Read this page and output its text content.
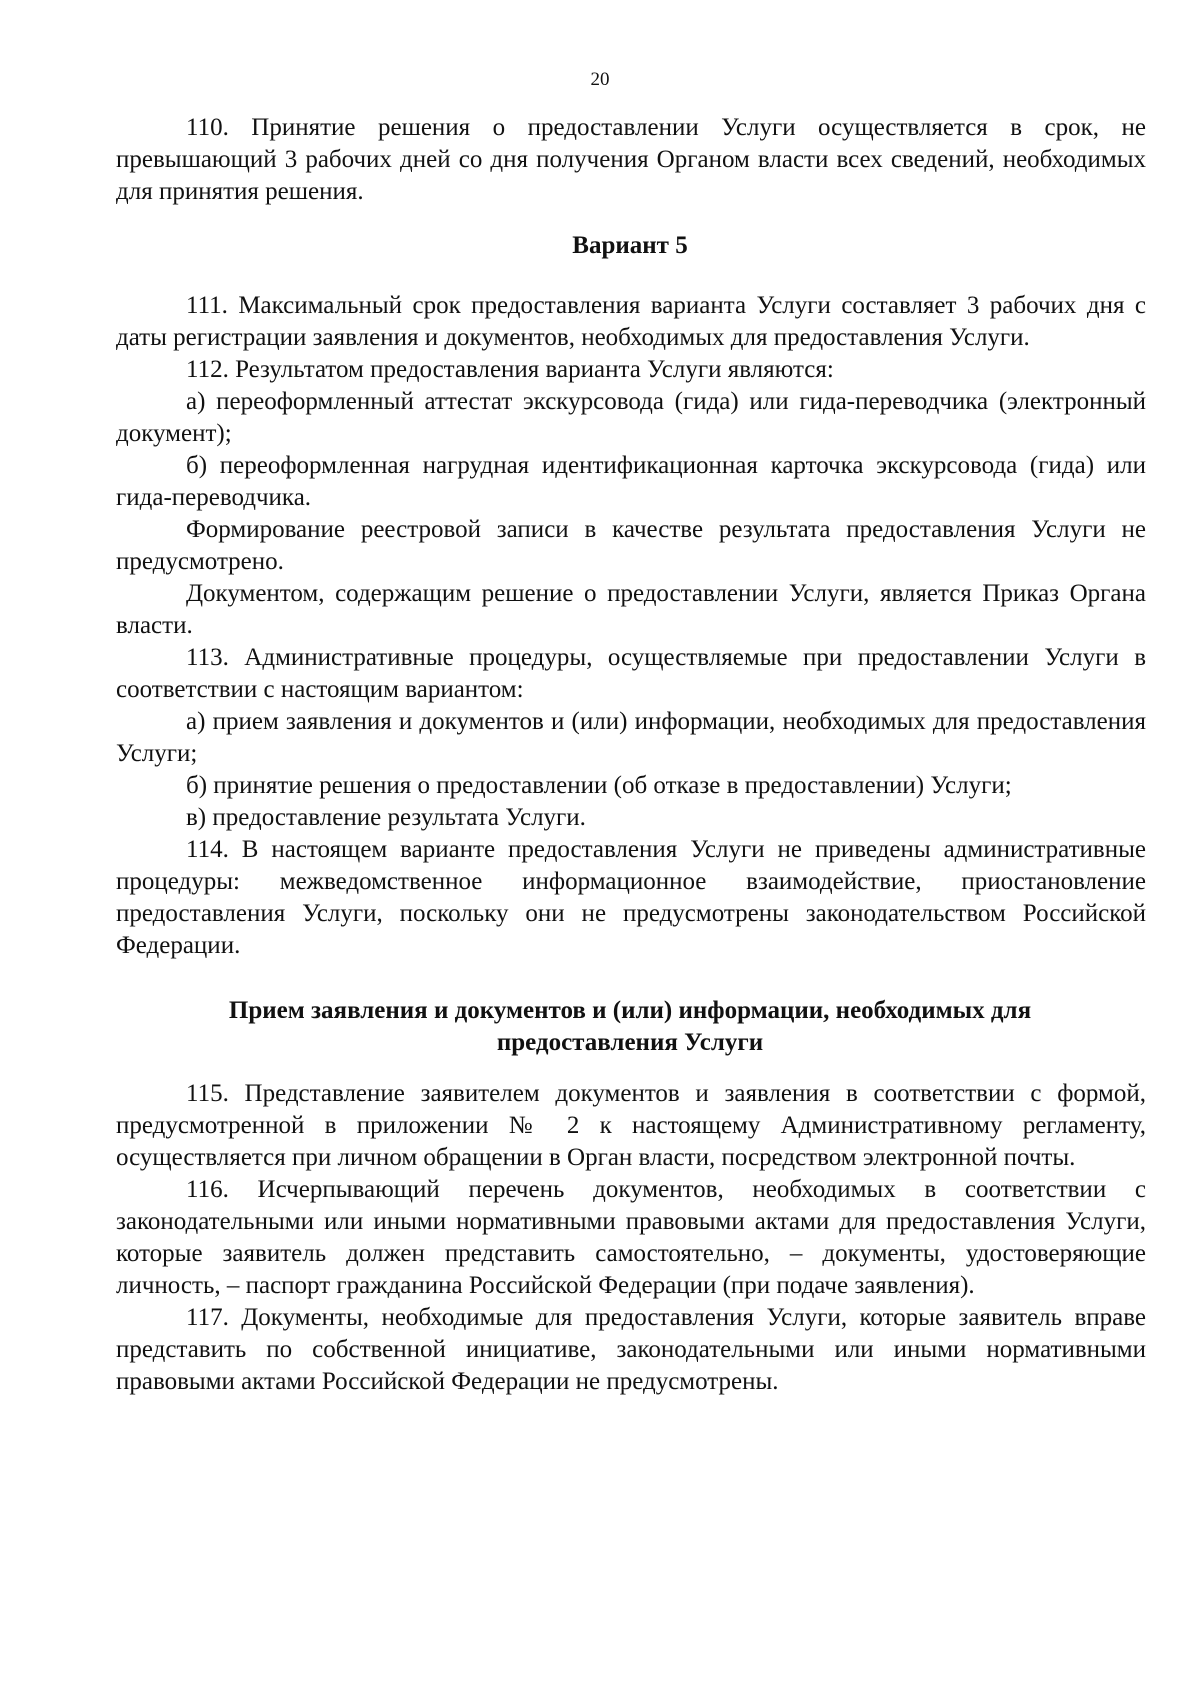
20

110. Принятие решения о предоставлении Услуги осуществляется в срок, не превышающий 3 рабочих дней со дня получения Органом власти всех сведений, необходимых для принятия решения.

Вариант 5

111. Максимальный срок предоставления варианта Услуги составляет 3 рабочих дня с даты регистрации заявления и документов, необходимых для предоставления Услуги.

112. Результатом предоставления варианта Услуги являются:

а) переоформленный аттестат экскурсовода (гида) или гида-переводчика (электронный документ);

б) переоформленная нагрудная идентификационная карточка экскурсовода (гида) или гида-переводчика.

Формирование реестровой записи в качестве результата предоставления Услуги не предусмотрено.

Документом, содержащим решение о предоставлении Услуги, является Приказ Органа власти.

113. Административные процедуры, осуществляемые при предоставлении Услуги в соответствии с настоящим вариантом:

а) прием заявления и документов и (или) информации, необходимых для предоставления Услуги;

б) принятие решения о предоставлении (об отказе в предоставлении) Услуги;

в) предоставление результата Услуги.

114. В настоящем варианте предоставления Услуги не приведены административные процедуры: межведомственное информационное взаимодействие, приостановление предоставления Услуги, поскольку они не предусмотрены законодательством Российской Федерации.

Прием заявления и документов и (или) информации, необходимых для
предоставления Услуги

115. Представление заявителем документов и заявления в соответствии с формой, предусмотренной в приложении № 2 к настоящему Административному регламенту, осуществляется при личном обращении в Орган власти, посредством электронной почты.

116. Исчерпывающий перечень документов, необходимых в соответствии с законодательными или иными нормативными правовыми актами для предоставления Услуги, которые заявитель должен представить самостоятельно, – документы, удостоверяющие личность, – паспорт гражданина Российской Федерации (при подаче заявления).

117. Документы, необходимые для предоставления Услуги, которые заявитель вправе представить по собственной инициативе, законодательными или иными нормативными правовыми актами Российской Федерации не предусмотрены.
